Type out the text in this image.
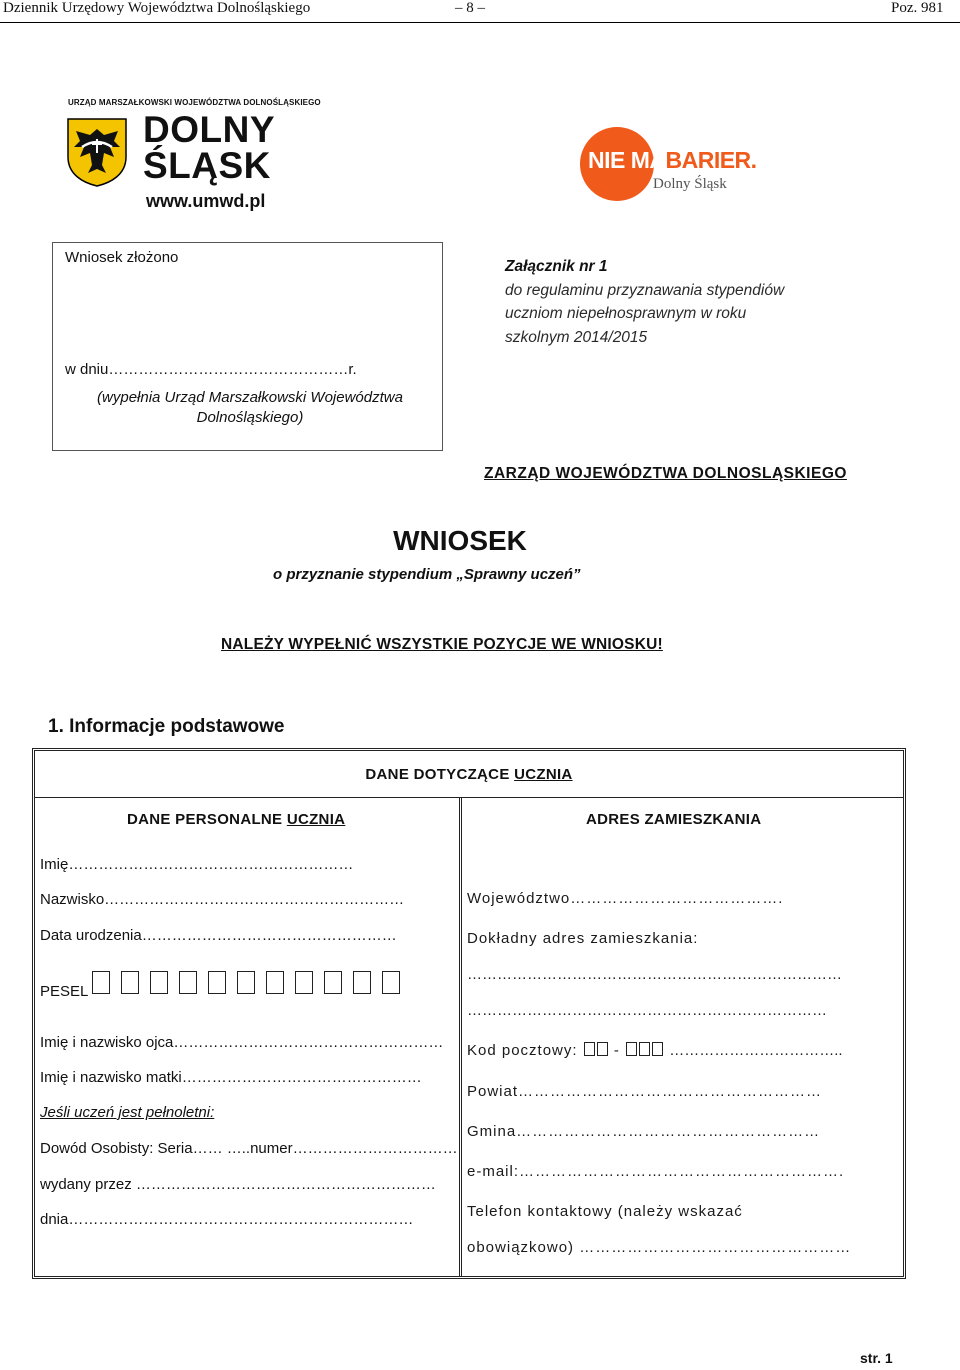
Dziennik Urzędowy Województwa Dolnośląskiego	– 8 –	Poz. 981
URZĄD MARSZAŁKOWSKI WOJEWÓDZTWA DOLNOŚLĄSKIEGO
DOLNY
ŚLĄSK
www.umwd.pl
NIE MABARIER.
Dolny Śląsk
Wniosek złożono
w dniu…………………………………………r.
(wypełnia Urząd Marszałkowski Województwa Dolnośląskiego)
Załącznik nr 1
do regulaminu przyznawania stypendiów
uczniom niepełnosprawnym w roku
szkolnym 2014/2015
ZARZĄD WOJEWÓDZTWA DOLNOSLĄSKIEGO
WNIOSEK
o przyznanie stypendium „Sprawny uczeń”
NALEŻY WYPEŁNIĆ WSZYSTKIE POZYCJE WE WNIOSKU!
1. Informacje podstawowe
DANE DOTYCZĄCE UCZNIA
DANE PERSONALNE UCZNIA	ADRES ZAMIESZKANIA
Imię…………………………………………………
Nazwisko……………………………………………………
Data urodzenia……………………………………………
PESEL
Imię i nazwisko ojca………………………………………………
Imię i nazwisko matki…………………………………………
Jeśli uczeń jest pełnoletni:
Dowód Osobisty: Seria…… …..numer……………………………
wydany przez ……………………………………………………
dnia……………………………………………………………
Województwo………………………………….
Dokładny adres zamieszkania:
…………………………………………………………………
………………………………………………………………
Kod pocztowy: -	……………………………..
Powiat…………………………………………………
Gmina…………………………………………………
e-mail:…………………………………………………….
Telefon kontaktowy (należy wskazać
obowiązkowo) ……………………………………………
str. 1
